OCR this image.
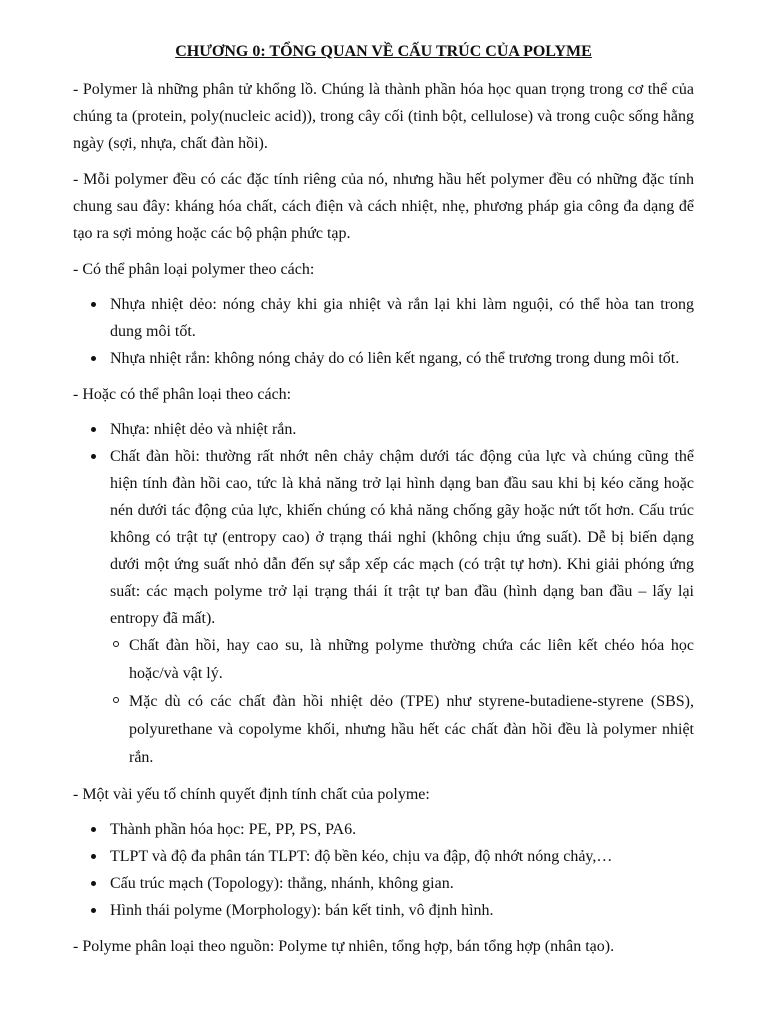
CHƯƠNG 0: TỔNG QUAN VỀ CẤU TRÚC CỦA POLYME

- Polymer là những phân tử khổng lồ. Chúng là thành phần hóa học quan trọng trong cơ thể của chúng ta (protein, poly(nucleic acid)), trong cây cối (tinh bột, cellulose) và trong cuộc sống hằng ngày (sợi, nhựa, chất đàn hồi).

- Mỗi polymer đều có các đặc tính riêng của nó, nhưng hầu hết polymer đều có những đặc tính chung sau đây: kháng hóa chất, cách điện và cách nhiệt, nhẹ, phương pháp gia công đa dạng để tạo ra sợi mỏng hoặc các bộ phận phức tạp.

- Có thể phân loại polymer theo cách:

Nhựa nhiệt dẻo: nóng chảy khi gia nhiệt và rắn lại khi làm nguội, có thể hòa tan trong dung môi tốt.
Nhựa nhiệt rắn: không nóng chảy do có liên kết ngang, có thể trương trong dung môi tốt.

- Hoặc có thể phân loại theo cách:

Nhựa: nhiệt dẻo và nhiệt rắn.
Chất đàn hồi: thường rất nhớt nên chảy chậm dưới tác động của lực và chúng cũng thể hiện tính đàn hồi cao, tức là khả năng trở lại hình dạng ban đầu sau khi bị kéo căng hoặc nén dưới tác động của lực, khiến chúng có khả năng chống gãy hoặc nứt tốt hơn. Cấu trúc không có trật tự (entropy cao) ở trạng thái nghỉ (không chịu ứng suất). Dễ bị biến dạng dưới một ứng suất nhỏ dẫn đến sự sắp xếp các mạch (có trật tự hơn). Khi giải phóng ứng suất: các mạch polyme trở lại trạng thái ít trật tự ban đầu (hình dạng ban đầu – lấy lại entropy đã mất).
Chất đàn hồi, hay cao su, là những polyme thường chứa các liên kết chéo hóa học hoặc/và vật lý.
Mặc dù có các chất đàn hồi nhiệt dẻo (TPE) như styrene-butadiene-styrene (SBS), polyurethane và copolyme khối, nhưng hầu hết các chất đàn hồi đều là polymer nhiệt rắn.

- Một vài yếu tố chính quyết định tính chất của polyme:

Thành phần hóa học: PE, PP, PS, PA6.
TLPT và độ đa phân tán TLPT: độ bền kéo, chịu va đập, độ nhớt nóng chảy,…
Cấu trúc mạch (Topology): thẳng, nhánh, không gian.
Hình thái polyme (Morphology): bán kết tinh, vô định hình.

- Polyme phân loại theo nguồn: Polyme tự nhiên, tổng hợp, bán tổng hợp (nhân tạo).
